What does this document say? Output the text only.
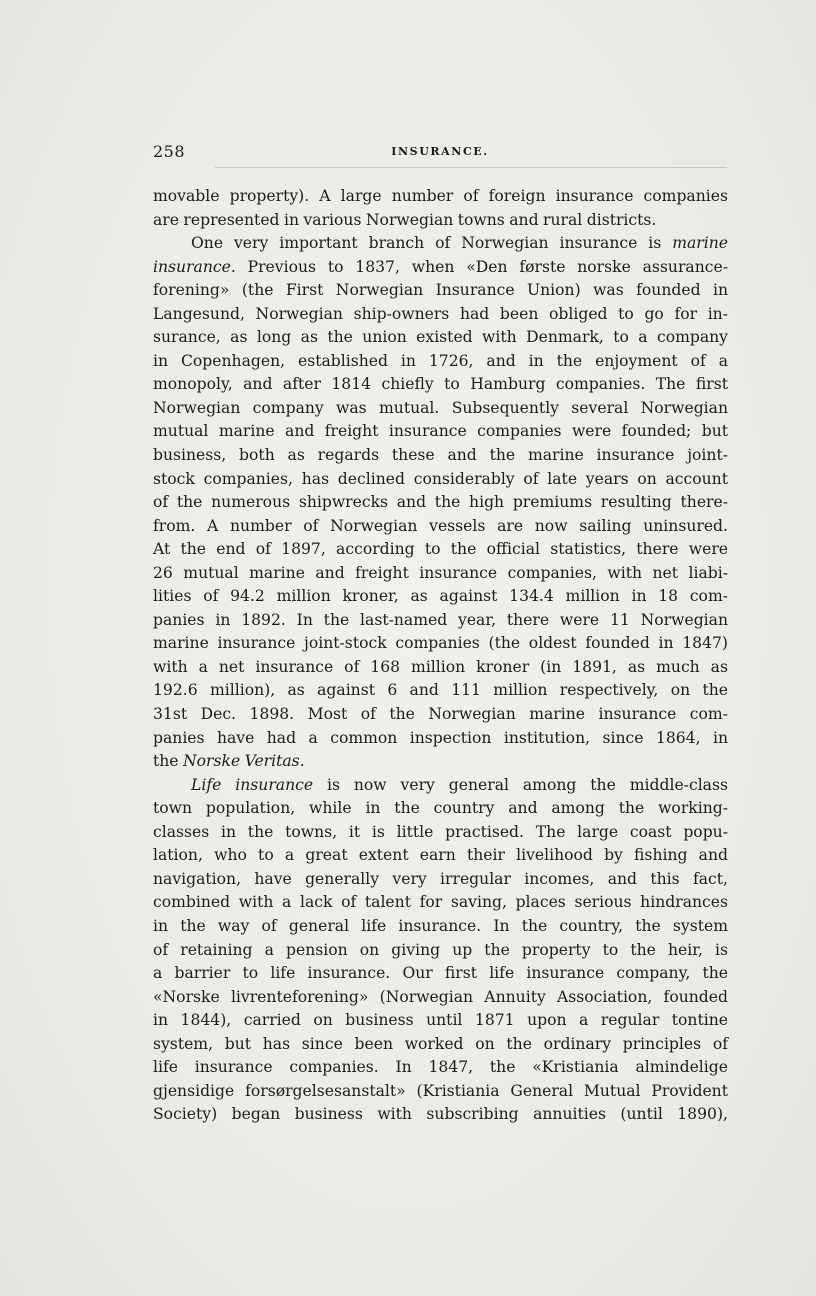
258	INSURANCE.
movable property). A large number of foreign insurance companies
are represented in various Norwegian towns and rural districts.
One very important branch of Norwegian insurance is marine
insurance. Previous to 1837, when «Den første norske assurance-
forening» (the First Norwegian Insurance Union) was founded in
Langesund, Norwegian ship-owners had been obliged to go for in-
surance, as long as the union existed with Denmark, to a company
in Copenhagen, established in 1726, and in the enjoyment of a
monopoly, and after 1814 chiefly to Hamburg companies. The first
Norwegian company was mutual. Subsequently several Norwegian
mutual marine and freight insurance companies were founded; but
business, both as regards these and the marine insurance joint-
stock companies, has declined considerably of late years on account
of the numerous shipwrecks and the high premiums resulting there-
from. A number of Norwegian vessels are now sailing uninsured.
At the end of 1897, according to the official statistics, there were
26 mutual marine and freight insurance companies, with net liabi-
lities of 94.2 million kroner, as against 134.4 million in 18 com-
panies in 1892. In the last-named year, there were 11 Norwegian
marine insurance joint-stock companies (the oldest founded in 1847)
with a net insurance of 168 million kroner (in 1891, as much as
192.6 million), as against 6 and 111 million respectively, on the
31st Dec. 1898. Most of the Norwegian marine insurance com-
panies have had a common inspection institution, since 1864, in
the Norske Veritas.
Life insurance is now very general among the middle-class
town population, while in the country and among the working-
classes in the towns, it is little practised. The large coast popu-
lation, who to a great extent earn their livelihood by fishing and
navigation, have generally very irregular incomes, and this fact,
combined with a lack of talent for saving, places serious hindrances
in the way of general life insurance. In the country, the system
of retaining a pension on giving up the property to the heir, is
a barrier to life insurance. Our first life insurance company, the
«Norske livrenteforening» (Norwegian Annuity Association, founded
in 1844), carried on business until 1871 upon a regular tontine
system, but has since been worked on the ordinary principles of
life insurance companies. In 1847, the «Kristiania almindelige
gjensidige forsørgelsesanstalt» (Kristiania General Mutual Provident
Society) began business with subscribing annuities (until 1890),
